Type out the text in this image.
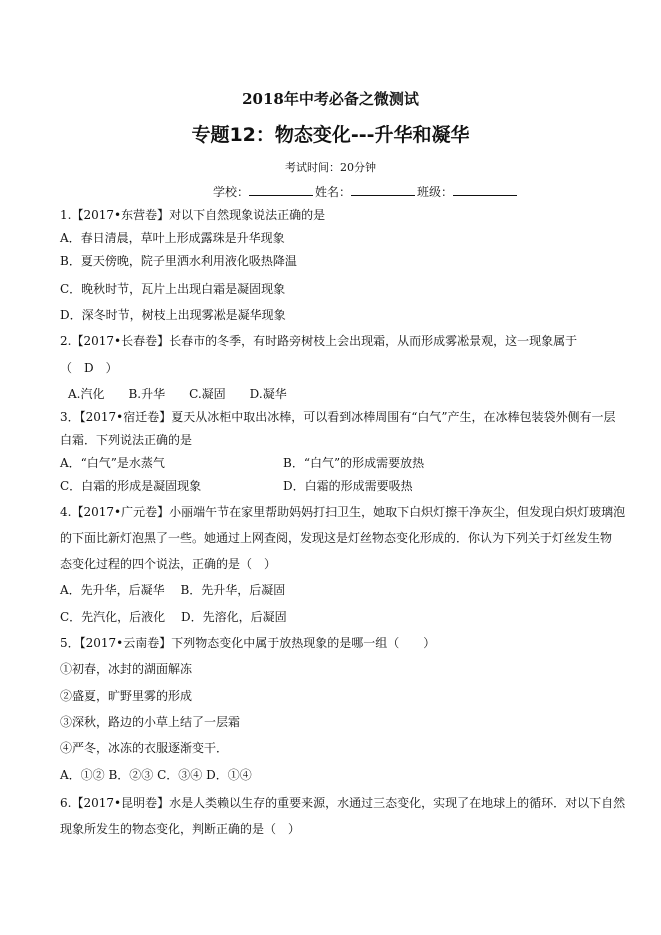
2018年中考必备之微测试
专题12：物态变化---升华和凝华
考试时间：20分钟
学校：	姓名：	班级：
1.【2017•东营卷】对以下自然现象说法正确的是
A．春日清晨，草叶上形成露珠是升华现象
B．夏天傍晚，院子里洒水利用液化吸热降温
C．晚秋时节，瓦片上出现白霜是凝固现象
D．深冬时节，树枝上出现雾凇是凝华现象
2.【2017•长春卷】长春市的冬季，有时路旁树枝上会出现霜，从而形成雾凇景观，这一现象属于
（　D　）
A.汽化　　B.升华　　C.凝固　　D.凝华
3．【2017•宿迁卷】夏天从冰柜中取出冰棒，可以看到冰棒周围有“白气”产生，在冰棒包装袋外侧有一层
白霜．下列说法正确的是
A．“白气”是水蒸气	B．“白气”的形成需要放热
C．白霜的形成是凝固现象	D．白霜的形成需要吸热
4.【2017•广元卷】小丽端午节在家里帮助妈妈打扫卫生，她取下白炽灯擦干净灰尘，但发现白炽灯玻璃泡
的下面比新灯泡黑了一些。她通过上网查阅，发现这是灯丝物态变化形成的．你认为下列关于灯丝发生物
态变化过程的四个说法，正确的是（　）
A．先升华，后凝华　 B．先升华，后凝固
C．先汽化，后液化　 D．先溶化，后凝固
5．【2017•云南卷】下列物态变化中属于放热现象的是哪一组（　　）
①初春，冰封的湖面解冻
②盛夏，旷野里雾的形成
③深秋，路边的小草上结了一层霜
④严冬，冰冻的衣服逐渐变干．
A．①② B．②③ C．③④ D．①④
6.【2017•昆明卷】水是人类赖以生存的重要来源，水通过三态变化，实现了在地球上的循环．对以下自然
现象所发生的物态变化，判断正确的是（　）
